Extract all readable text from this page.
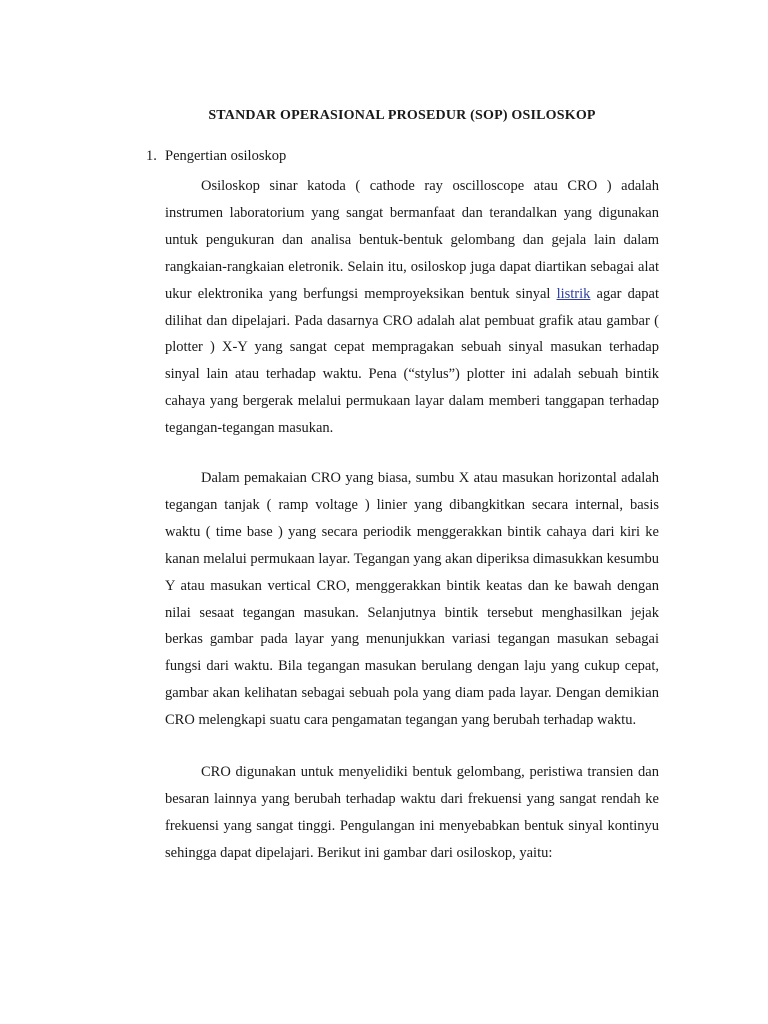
STANDAR OPERASIONAL PROSEDUR (SOP) OSILOSKOP
1. Pengertian osiloskop

Osiloskop sinar katoda ( cathode ray oscilloscope atau CRO ) adalah instrumen laboratorium yang sangat bermanfaat dan terandalkan yang digunakan untuk pengukuran dan analisa bentuk-bentuk gelombang dan gejala lain dalam rangkaian-rangkaian eletronik. Selain itu, osiloskop juga dapat diartikan sebagai alat ukur elektronika yang berfungsi memproyeksikan bentuk sinyal listrik agar dapat dilihat dan dipelajari. Pada dasarnya CRO adalah alat pembuat grafik atau gambar ( plotter ) X-Y yang sangat cepat mempragakan sebuah sinyal masukan terhadap sinyal lain atau terhadap waktu. Pena (“stylus”) plotter ini adalah sebuah bintik cahaya yang bergerak melalui permukaan layar dalam memberi tanggapan terhadap tegangan-tegangan masukan.

Dalam pemakaian CRO yang biasa, sumbu X atau masukan horizontal adalah tegangan tanjak ( ramp voltage ) linier yang dibangkitkan secara internal, basis waktu ( time base ) yang secara periodik menggerakkan bintik cahaya dari kiri ke kanan melalui permukaan layar. Tegangan yang akan diperiksa dimasukkan kesumbu Y atau masukan vertical CRO, menggerakkan bintik keatas dan ke bawah dengan nilai sesaat tegangan masukan. Selanjutnya bintik tersebut menghasilkan jejak berkas gambar pada layar yang menunjukkan variasi tegangan masukan sebagai fungsi dari waktu. Bila tegangan masukan berulang dengan laju yang cukup cepat, gambar akan kelihatan sebagai sebuah pola yang diam pada layar. Dengan demikian CRO melengkapi suatu cara pengamatan tegangan yang berubah terhadap waktu.

CRO digunakan untuk menyelidiki bentuk gelombang, peristiwa transien dan besaran lainnya yang berubah terhadap waktu dari frekuensi yang sangat rendah ke frekuensi yang sangat tinggi. Pengulangan ini menyebabkan bentuk sinyal kontinyu sehingga dapat dipelajari. Berikut ini gambar dari osiloskop, yaitu:
